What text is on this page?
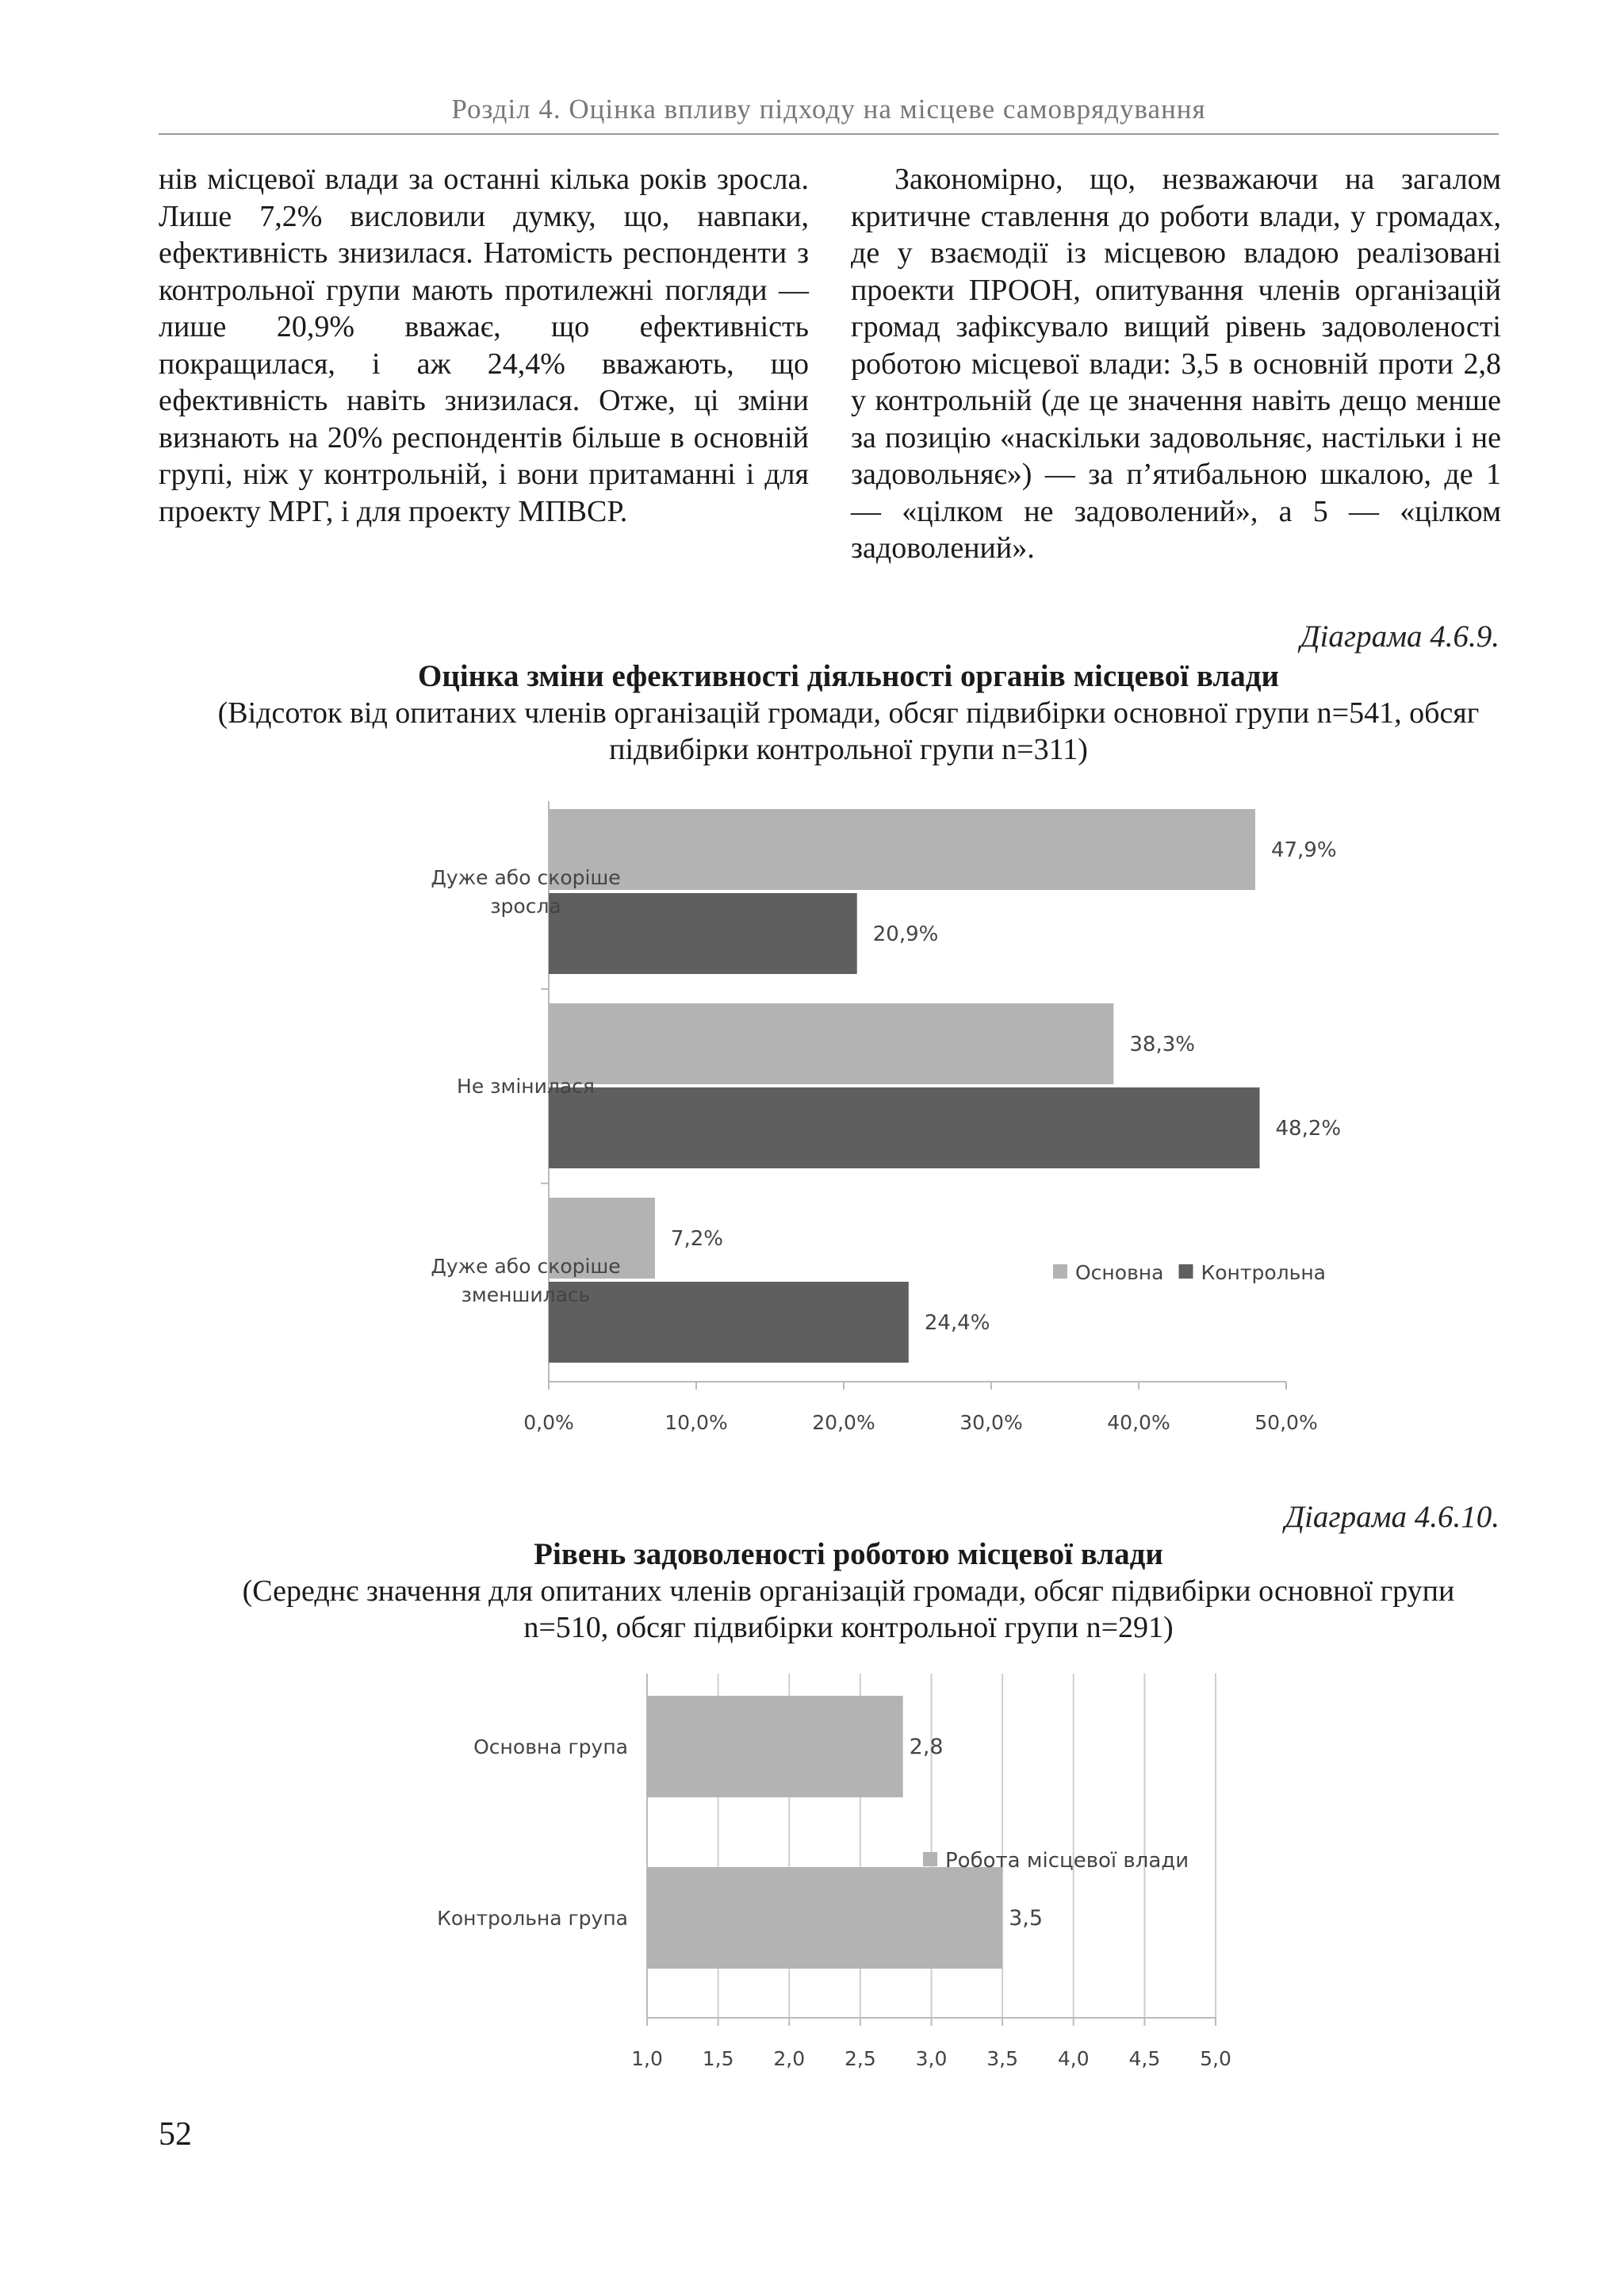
Розділ 4. Оцінка впливу підходу на місцеве самоврядування

нів місцевої влади за останні кілька років зросла. Лише 7,2% висловили думку, що, навпаки, ефективність знизилася. Натомість респонденти з контрольної групи мають протилежні погляди — лише 20,9% вважає, що ефективність покращилася, і аж 24,4% вважають, що ефективність навіть знизилася. Отже, ці зміни визнають на 20% респондентів більше в основній групі, ніж у контрольній, і вони притаманні і для проекту МРГ, і для проекту МПВСР.

Закономірно, що, незважаючи на загалом критичне ставлення до роботи влади, у громадах, де у взаємодії із місцевою владою реалізовані проекти ПРООН, опитування членів організацій громад зафіксувало вищий рівень задоволеності роботою місцевої влади: 3,5 в основній проти 2,8 у контрольній (де це значення навіть дещо менше за позицію «наскільки задовольняє, настільки і не задовольняє») — за п’ятибальною шкалою, де 1 — «цілком не задоволений», а 5 — «цілком задоволений».

Діаграма 4.6.9.
Оцінка зміни ефективності діяльності органів місцевої влади
(Відсоток від опитаних членів організацій громади, обсяг підвибірки основної групи n=541, обсяг підвибірки контрольної групи n=311)
0,0%	10,0%	20,0%	30,0%	40,0%	50,0%
47,9%
20,9%
Дуже або скоріше
зросла
38,3%
48,2%
Не змінилася
7,2%
24,4%
Дуже або скоріше
зменшилась
Основна Контрольна
Діаграма 4.6.10.
Рівень задоволеності роботою місцевої влади
(Середнє значення для опитаних членів організацій громади, обсяг підвибірки основної групи n=510, обсяг підвибірки контрольної групи n=291)
1,0 1,5 2,0 2,5 3,0 3,5 4,0 4,5 5,0
2,8
Основна група
3,5
Контрольна група
Робота місцевої влади
52
